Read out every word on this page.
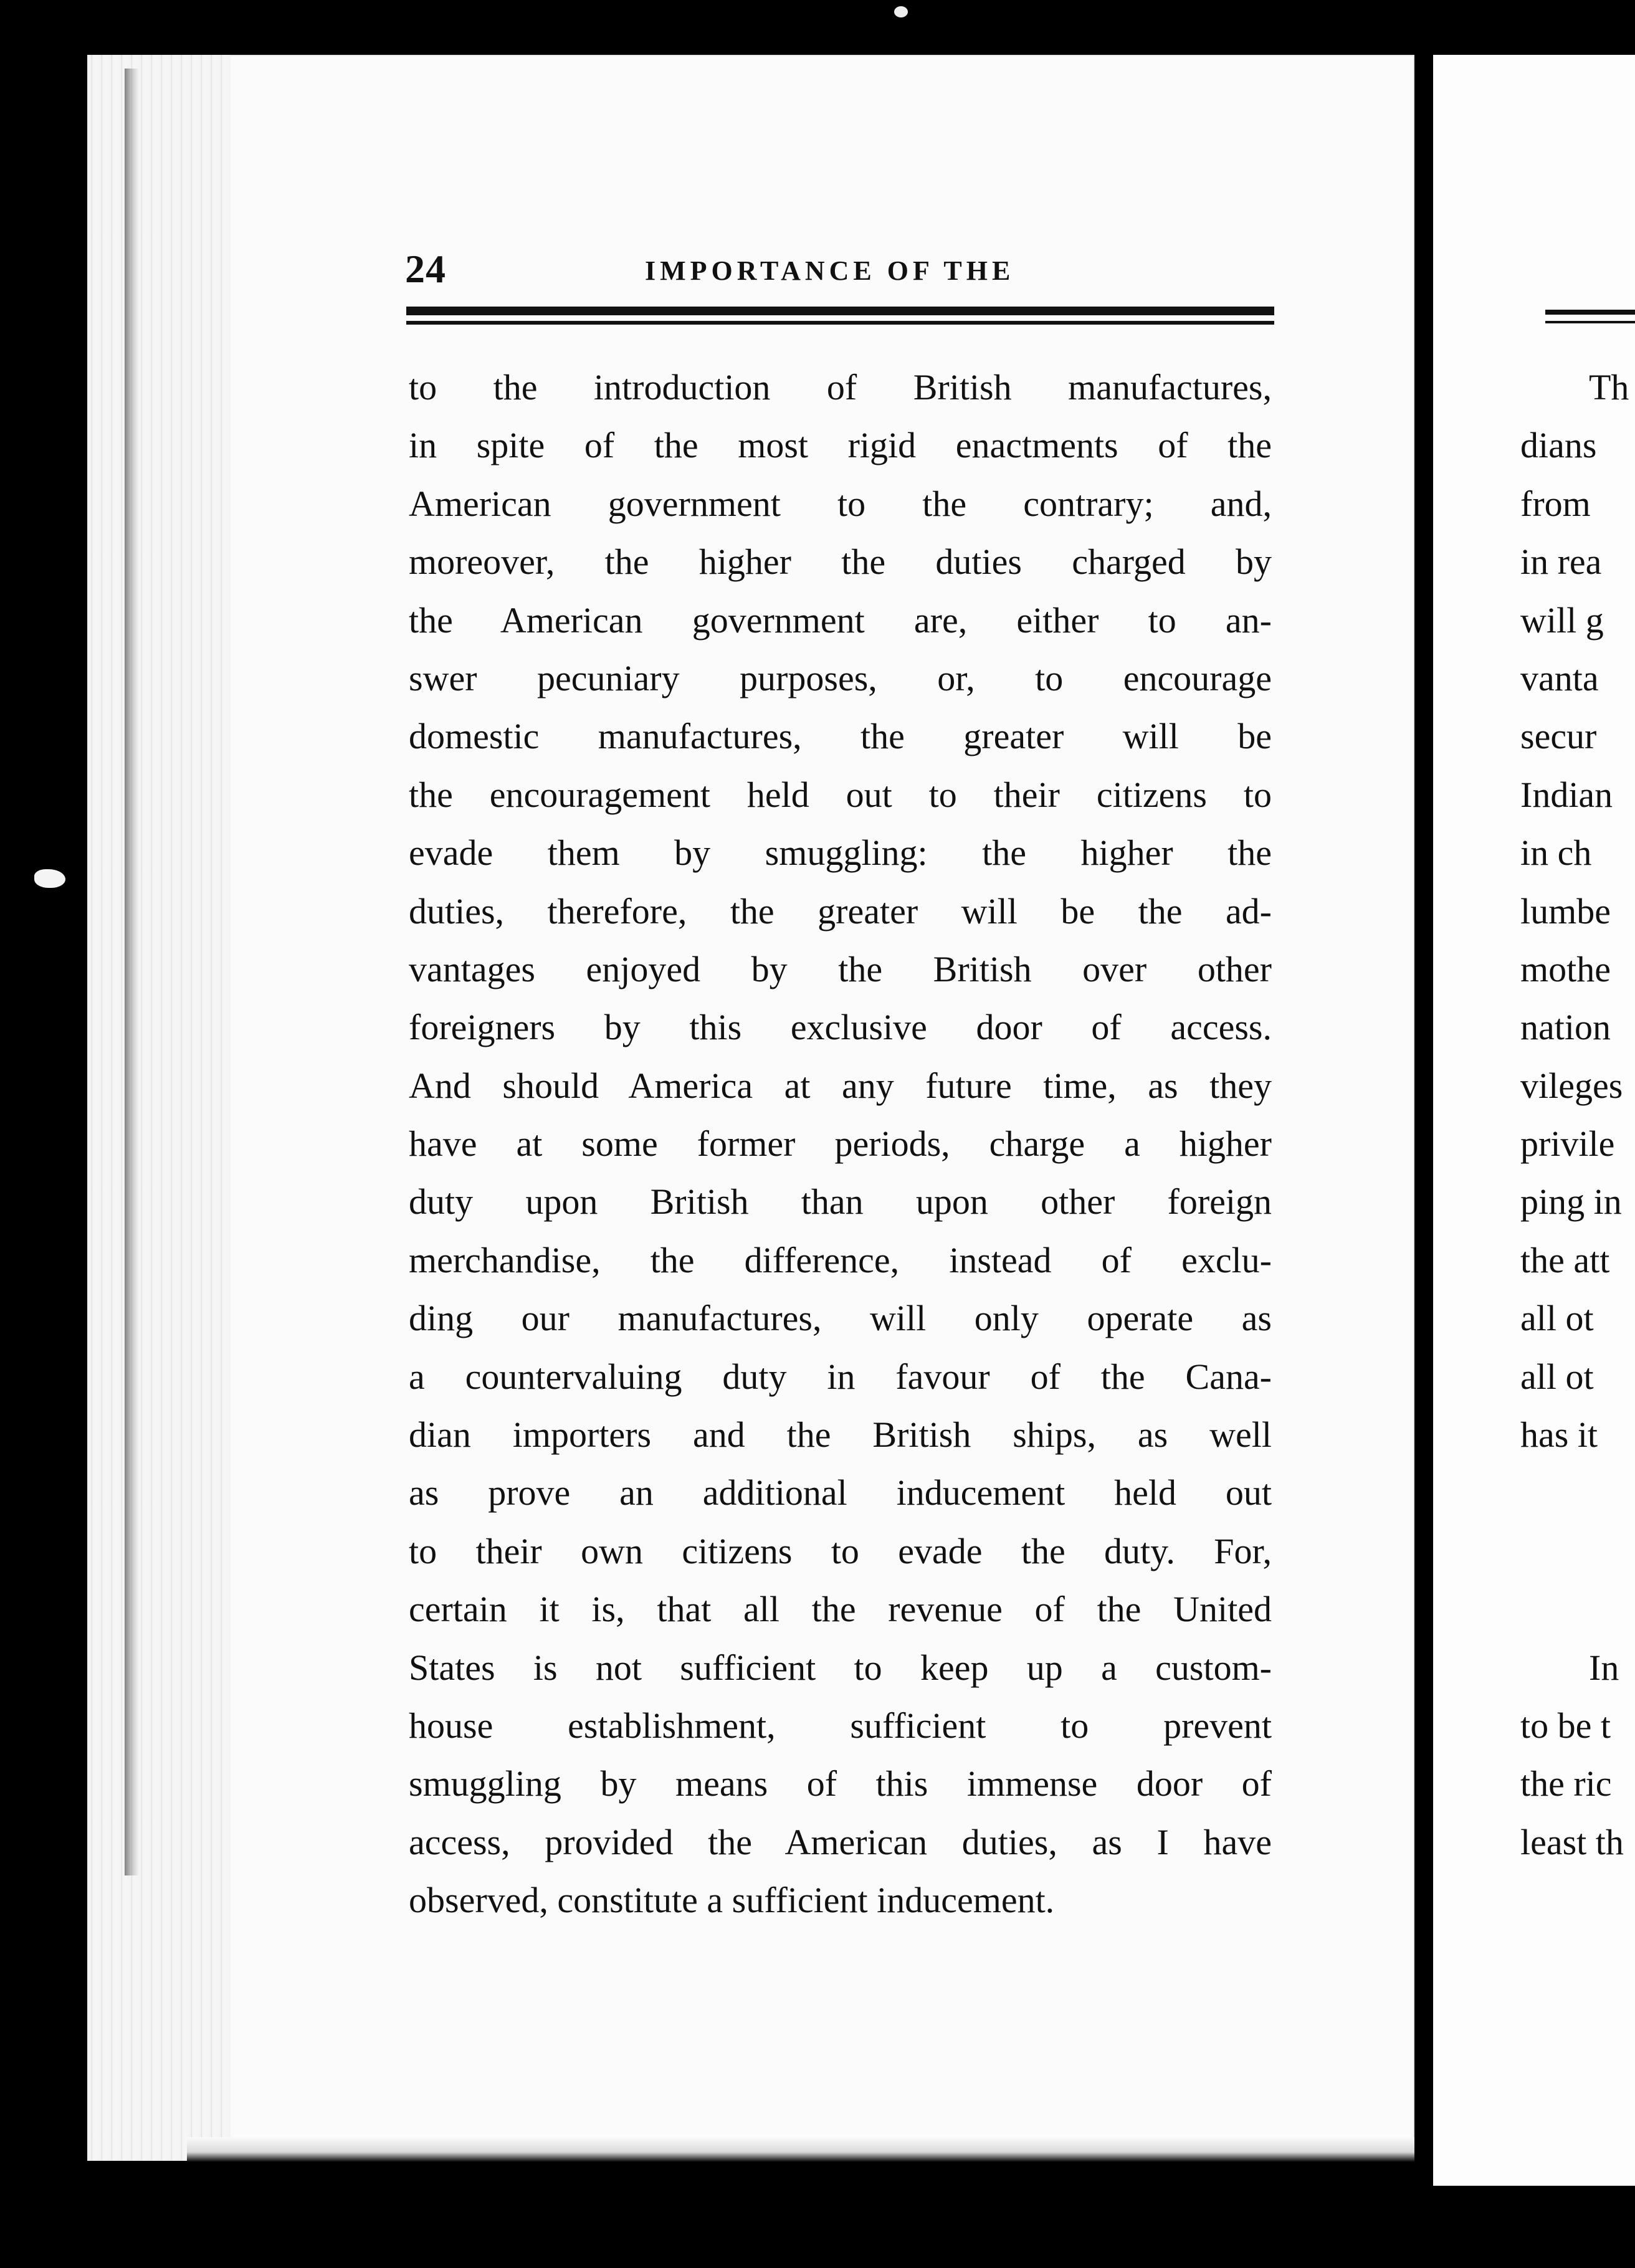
24	IMPORTANCE OF THE
to the introduction of British manufactures,
in spite of the most rigid enactments of the
American government to the contrary; and,
moreover, the higher the duties charged by
the American government are, either to an-
swer pecuniary purposes, or, to encourage
domestic manufactures, the greater will be
the encouragement held out to their citizens to
evade them by smuggling: the higher the
duties, therefore, the greater will be the ad-
vantages enjoyed by the British over other
foreigners by this exclusive door of access.
And should America at any future time, as they
have at some former periods, charge a higher
duty upon British than upon other foreign
merchandise, the difference, instead of exclu-
ding our manufactures, will only operate as
a countervaluing duty in favour of the Cana-
dian importers and the British ships, as well
as prove an additional inducement held out
to their own citizens to evade the duty. For,
certain it is, that all the revenue of the United
States is not sufficient to keep up a custom-
house establishment, sufficient to prevent
smuggling by means of this immense door of
access, provided the American duties, as I have
observed, constitute a sufficient inducement.
Th
dians
from
in rea
will g
vanta
secur
Indian
in ch
lumbe
mothe
nation
vileges
privile
ping in
the att
all ot
all ot
has it
In
to be t
the ric
least th
